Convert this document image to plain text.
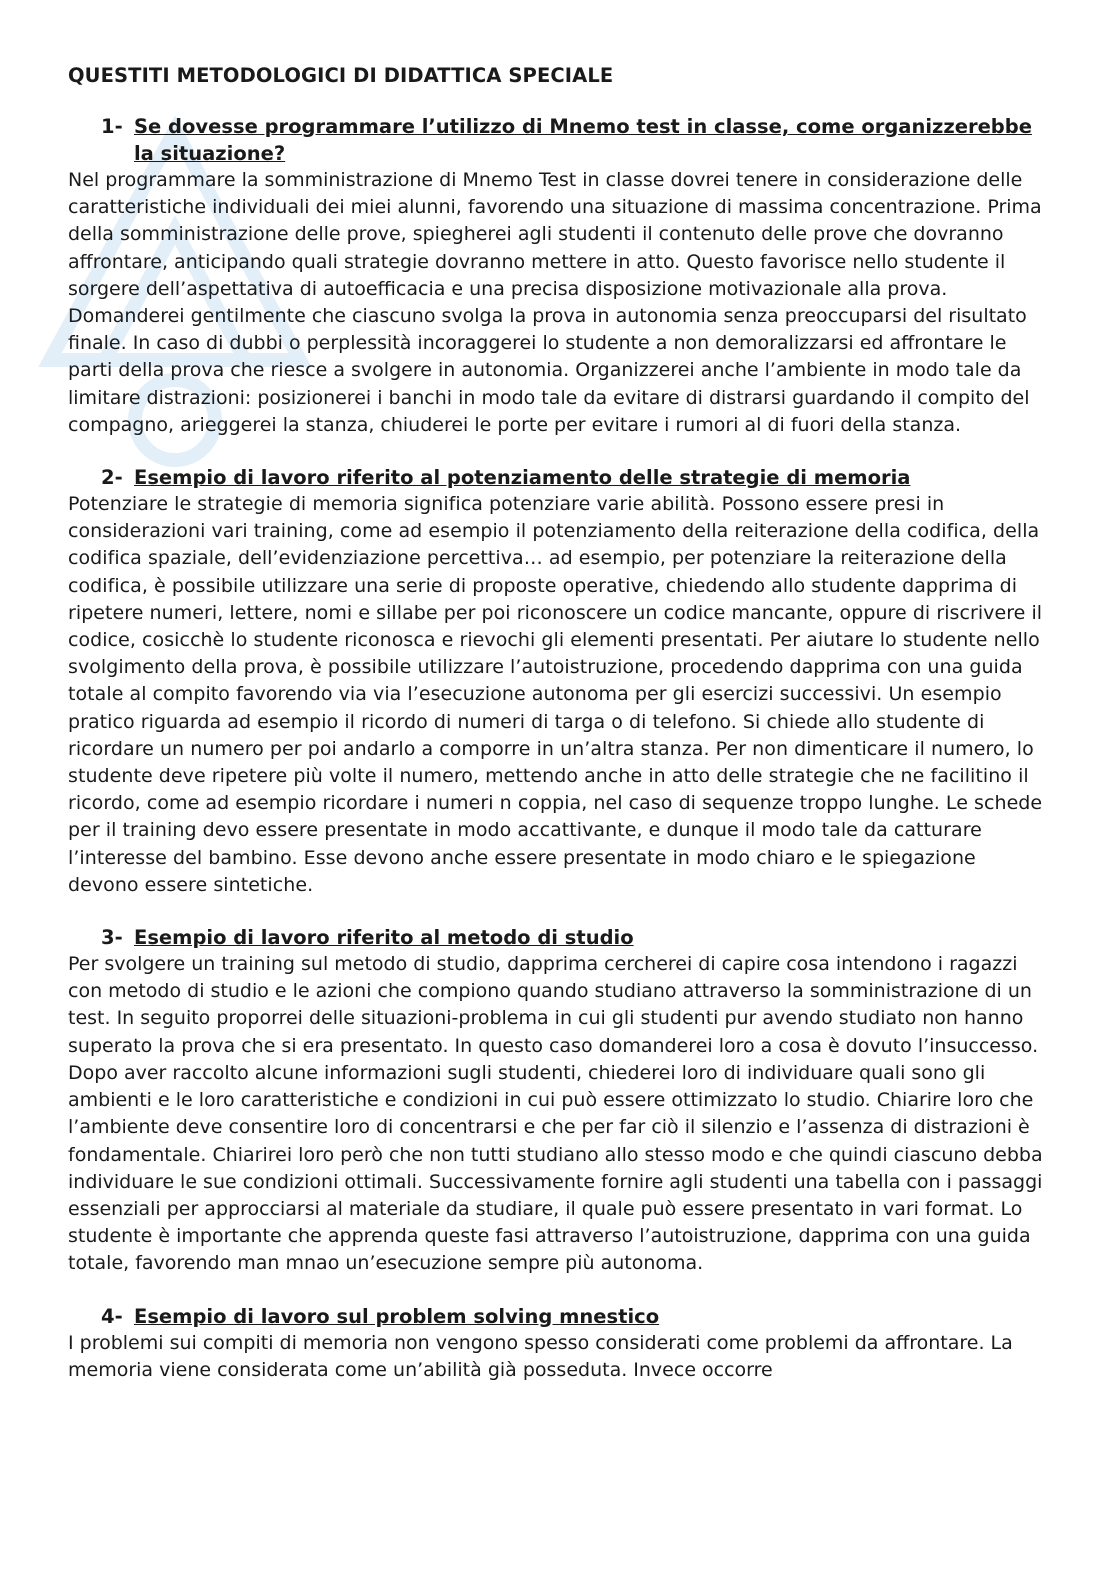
QUESTITI METODOLOGICI DI DIDATTICA SPECIALE
1- Se dovesse programmare l’utilizzo di Mnemo test in classe, come organizzerebbe la situazione?

Nel programmare la somministrazione di Mnemo Test in classe dovrei tenere in considerazione delle caratteristiche individuali dei miei alunni, favorendo una situazione di massima concentrazione. Prima della somministrazione delle prove, spiegherei agli studenti il contenuto delle prove che dovranno affrontare, anticipando quali strategie dovranno mettere in atto. Questo favorisce nello studente il sorgere dell’aspettativa di autoefficacia e una precisa disposizione motivazionale alla prova. Domanderei gentilmente che ciascuno svolga la prova in autonomia senza preoccuparsi del risultato finale. In caso di dubbi o perplessità incoraggerei lo studente a non demoralizzarsi ed affrontare le parti della prova che riesce a svolgere in autonomia. Organizzerei anche l’ambiente in modo tale da limitare distrazioni: posizionerei i banchi in modo tale da evitare di distrarsi guardando il compito del compagno, arieggerei la stanza, chiuderei le porte per evitare i rumori al di fuori della stanza.

2- Esempio di lavoro riferito al potenziamento delle strategie di memoria

Potenziare le strategie di memoria significa potenziare varie abilità. Possono essere presi in considerazioni vari training, come ad esempio il potenziamento della reiterazione della codifica, della codifica spaziale, dell’evidenziazione percettiva… ad esempio, per potenziare la reiterazione della codifica, è possibile utilizzare una serie di proposte operative, chiedendo allo studente dapprima di ripetere numeri, lettere, nomi e sillabe per poi riconoscere un codice mancante, oppure di riscrivere il codice, cosicchè lo studente riconosca e rievochi gli elementi presentati. Per aiutare lo studente nello svolgimento della prova, è possibile utilizzare l’autoistruzione, procedendo dapprima con una guida totale al compito favorendo via via l’esecuzione autonoma per gli esercizi successivi. Un esempio pratico riguarda ad esempio il ricordo di numeri di targa o di telefono. Si chiede allo studente di ricordare un numero per poi andarlo a comporre in un’altra stanza. Per non dimenticare il numero, lo studente deve ripetere più volte il numero, mettendo anche in atto delle strategie che ne facilitino il ricordo, come ad esempio ricordare i numeri n coppia, nel caso di sequenze troppo lunghe. Le schede per il training devo essere presentate in modo accattivante, e dunque il modo tale da catturare l’interesse del bambino. Esse devono anche essere presentate in modo chiaro e le spiegazione devono essere sintetiche.

3- Esempio di lavoro riferito al metodo di studio

Per svolgere un training sul metodo di studio, dapprima cercherei di capire cosa intendono i ragazzi con metodo di studio e le azioni che compiono quando studiano attraverso la somministrazione di un test. In seguito proporrei delle situazioni-problema in cui gli studenti pur avendo studiato non hanno superato la prova che si era presentato. In questo caso domanderei loro a cosa è dovuto l’insuccesso. Dopo aver raccolto alcune informazioni sugli studenti, chiederei loro di individuare quali sono gli ambienti e le loro caratteristiche e condizioni in cui può essere ottimizzato lo studio. Chiarire loro che l’ambiente deve consentire loro di concentrarsi e che per far ciò il silenzio e l’assenza di distrazioni è fondamentale. Chiarirei loro però che non tutti studiano allo stesso modo e che quindi ciascuno debba individuare le sue condizioni ottimali. Successivamente fornire agli studenti una tabella con i passaggi essenziali per approcciarsi al materiale da studiare, il quale può essere presentato in vari format. Lo studente è importante che apprenda queste fasi attraverso l’autoistruzione, dapprima con una guida totale, favorendo man mnao un’esecuzione sempre più autonoma.

4- Esempio di lavoro sul problem solving mnestico

I problemi sui compiti di memoria non vengono spesso considerati come problemi da affrontare. La memoria viene considerata come un’abilità già posseduta. Invece occorre
